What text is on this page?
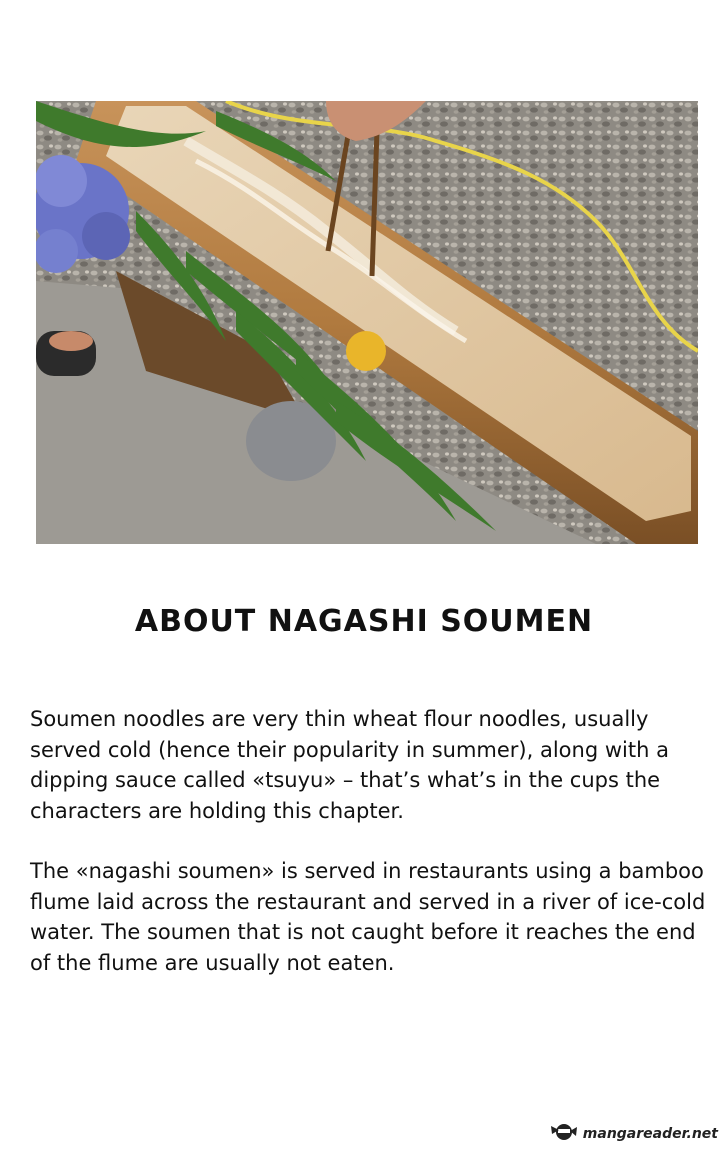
ABOUT NAGASHI SOUMEN

Soumen noodles are very thin wheat flour noodles, usually served cold (hence their popularity in summer), along with a dipping sauce called «tsuyu» – that’s what’s in the cups the characters are holding this chapter.

The «nagashi soumen» is served in restaurants using a bamboo flume laid across the restaurant and served in a river of ice-cold water. The soumen that is not caught before it reaches the end of the flume are usually not eaten.

mangareader.net
